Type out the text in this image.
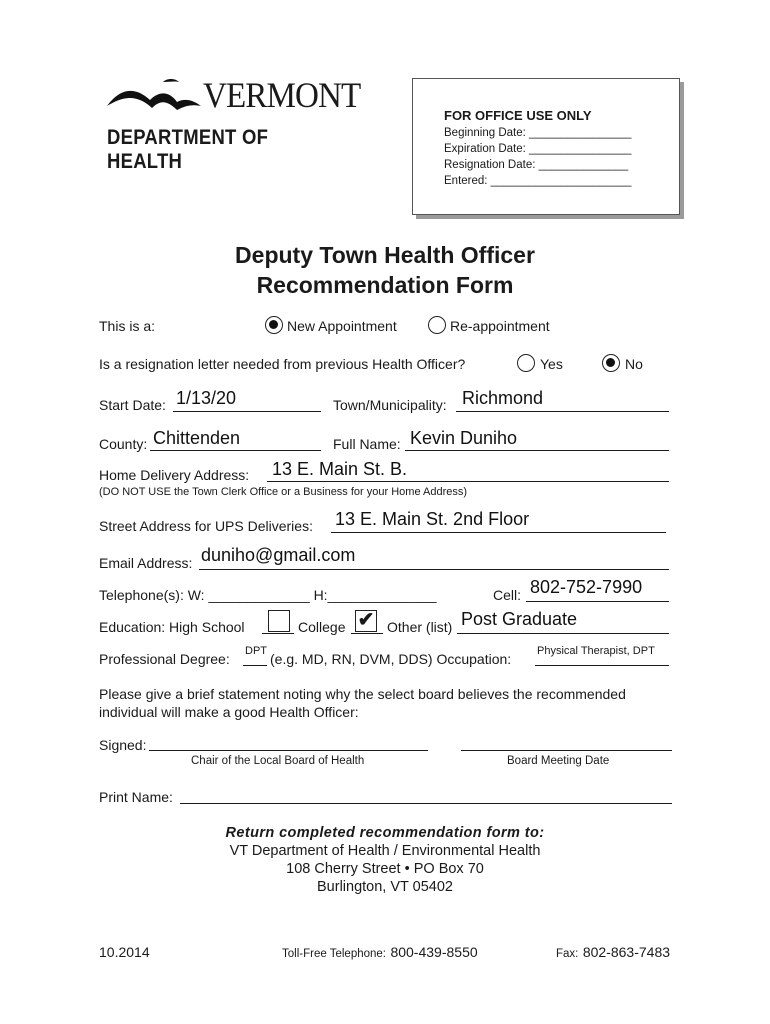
VERMONT
DEPARTMENT OF HEALTH
FOR OFFICE USE ONLY
Beginning Date: ________________
Expiration Date: ________________
Resignation Date: ______________
Entered: ______________________
Deputy Town Health Officer
Recommendation Form
This is a:	New Appointment	Re-appointment
Is a resignation letter needed from previous Health Officer?	Yes	No
Start Date: 1/13/20	Town/Municipality: Richmond
County: Chittenden	Full Name: Kevin Duniho
Home Delivery Address: 13 E. Main St. B.
(DO NOT USE the Town Clerk Office or a Business for your Home Address)
Street Address for UPS Deliveries: 13 E. Main St. 2nd Floor
Email Address: duniho@gmail.com
Telephone(s): W: _____________ H:______________	Cell: 802-752-7990
Education: High School	College ✔ Other (list) Post Graduate
Professional Degree: DPT (e.g. MD, RN, DVM, DDS) Occupation: Physical Therapist, DPT
Please give a brief statement noting why the select board believes the recommended
individual will make a good Health Officer:
Signed:
Chair of the Local Board of Health	Board Meeting Date
Print Name:
Return completed recommendation form to:
VT Department of Health / Environmental Health
108 Cherry Street • PO Box 70
Burlington, VT 05402
10.2014	Toll-Free Telephone: 800-439-8550	Fax: 802-863-7483
